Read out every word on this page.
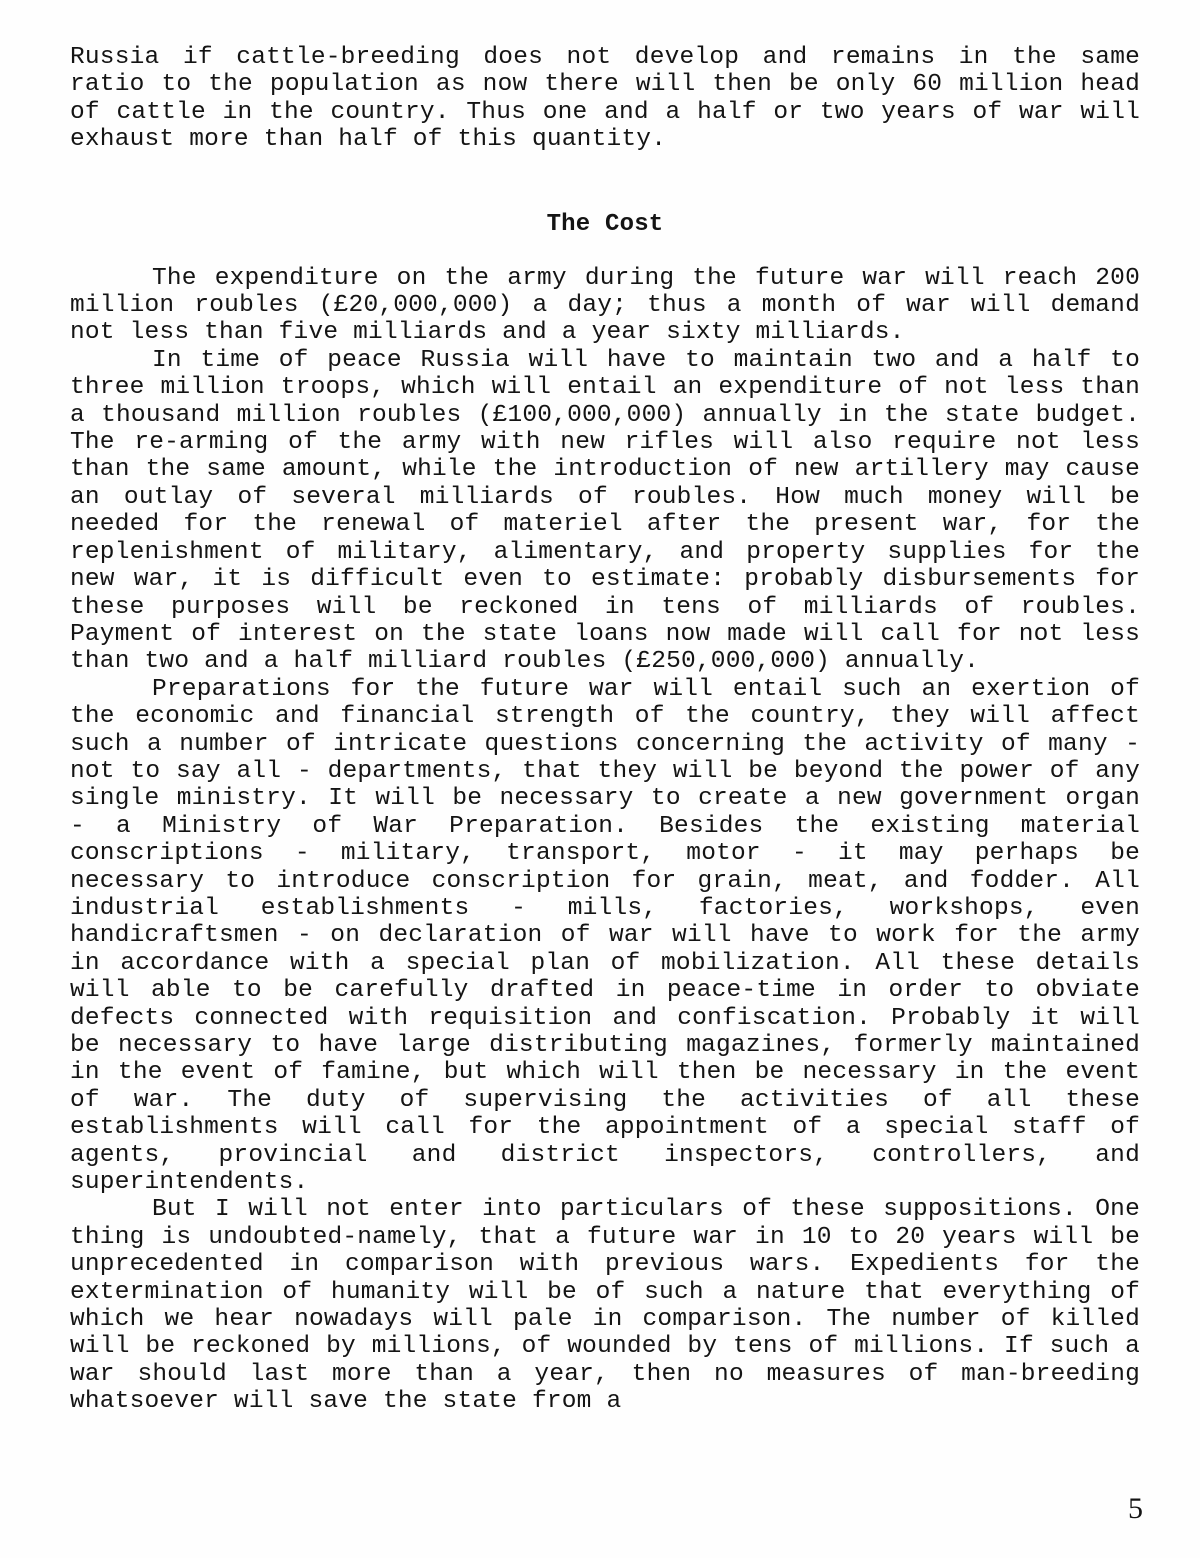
Russia if cattle-breeding does not develop and remains in the same ratio to the population as now there will then be only 60 million head of cattle in the country. Thus one and a half or two years of war will exhaust more than half of this quantity.

The Cost

The expenditure on the army during the future war will reach 200 million roubles (£20,000,000) a day; thus a month of war will demand not less than five milliards and a year sixty milliards.

In time of peace Russia will have to maintain two and a half to three million troops, which will entail an expenditure of not less than a thousand million roubles (£100,000,000) annually in the state budget. The re-arming of the army with new rifles will also require not less than the same amount, while the introduction of new artillery may cause an outlay of several milliards of roubles. How much money will be needed for the renewal of materiel after the present war, for the replenishment of military, alimentary, and property supplies for the new war, it is difficult even to estimate: probably disbursements for these purposes will be reckoned in tens of milliards of roubles. Payment of interest on the state loans now made will call for not less than two and a half milliard roubles (£250,000,000) annually.

Preparations for the future war will entail such an exertion of the economic and financial strength of the country, they will affect such a number of intricate questions concerning the activity of many - not to say all - departments, that they will be beyond the power of any single ministry. It will be necessary to create a new government organ - a Ministry of War Preparation. Besides the existing material conscriptions - military, transport, motor - it may perhaps be necessary to introduce conscription for grain, meat, and fodder. All industrial establishments - mills, factories, workshops, even handicraftsmen - on declaration of war will have to work for the army in accordance with a special plan of mobilization. All these details will able to be carefully drafted in peace-time in order to obviate defects connected with requisition and confiscation. Probably it will be necessary to have large distributing magazines, formerly maintained in the event of famine, but which will then be necessary in the event of war. The duty of supervising the activities of all these establishments will call for the appointment of a special staff of agents, provincial and district inspectors, controllers, and superintendents.

But I will not enter into particulars of these suppositions. One thing is undoubted-namely, that a future war in 10 to 20 years will be unprecedented in comparison with previous wars. Expedients for the extermination of humanity will be of such a nature that everything of which we hear nowadays will pale in comparison. The number of killed will be reckoned by millions, of wounded by tens of millions. If such a war should last more than a year, then no measures of man-breeding whatsoever will save the state from a

5
